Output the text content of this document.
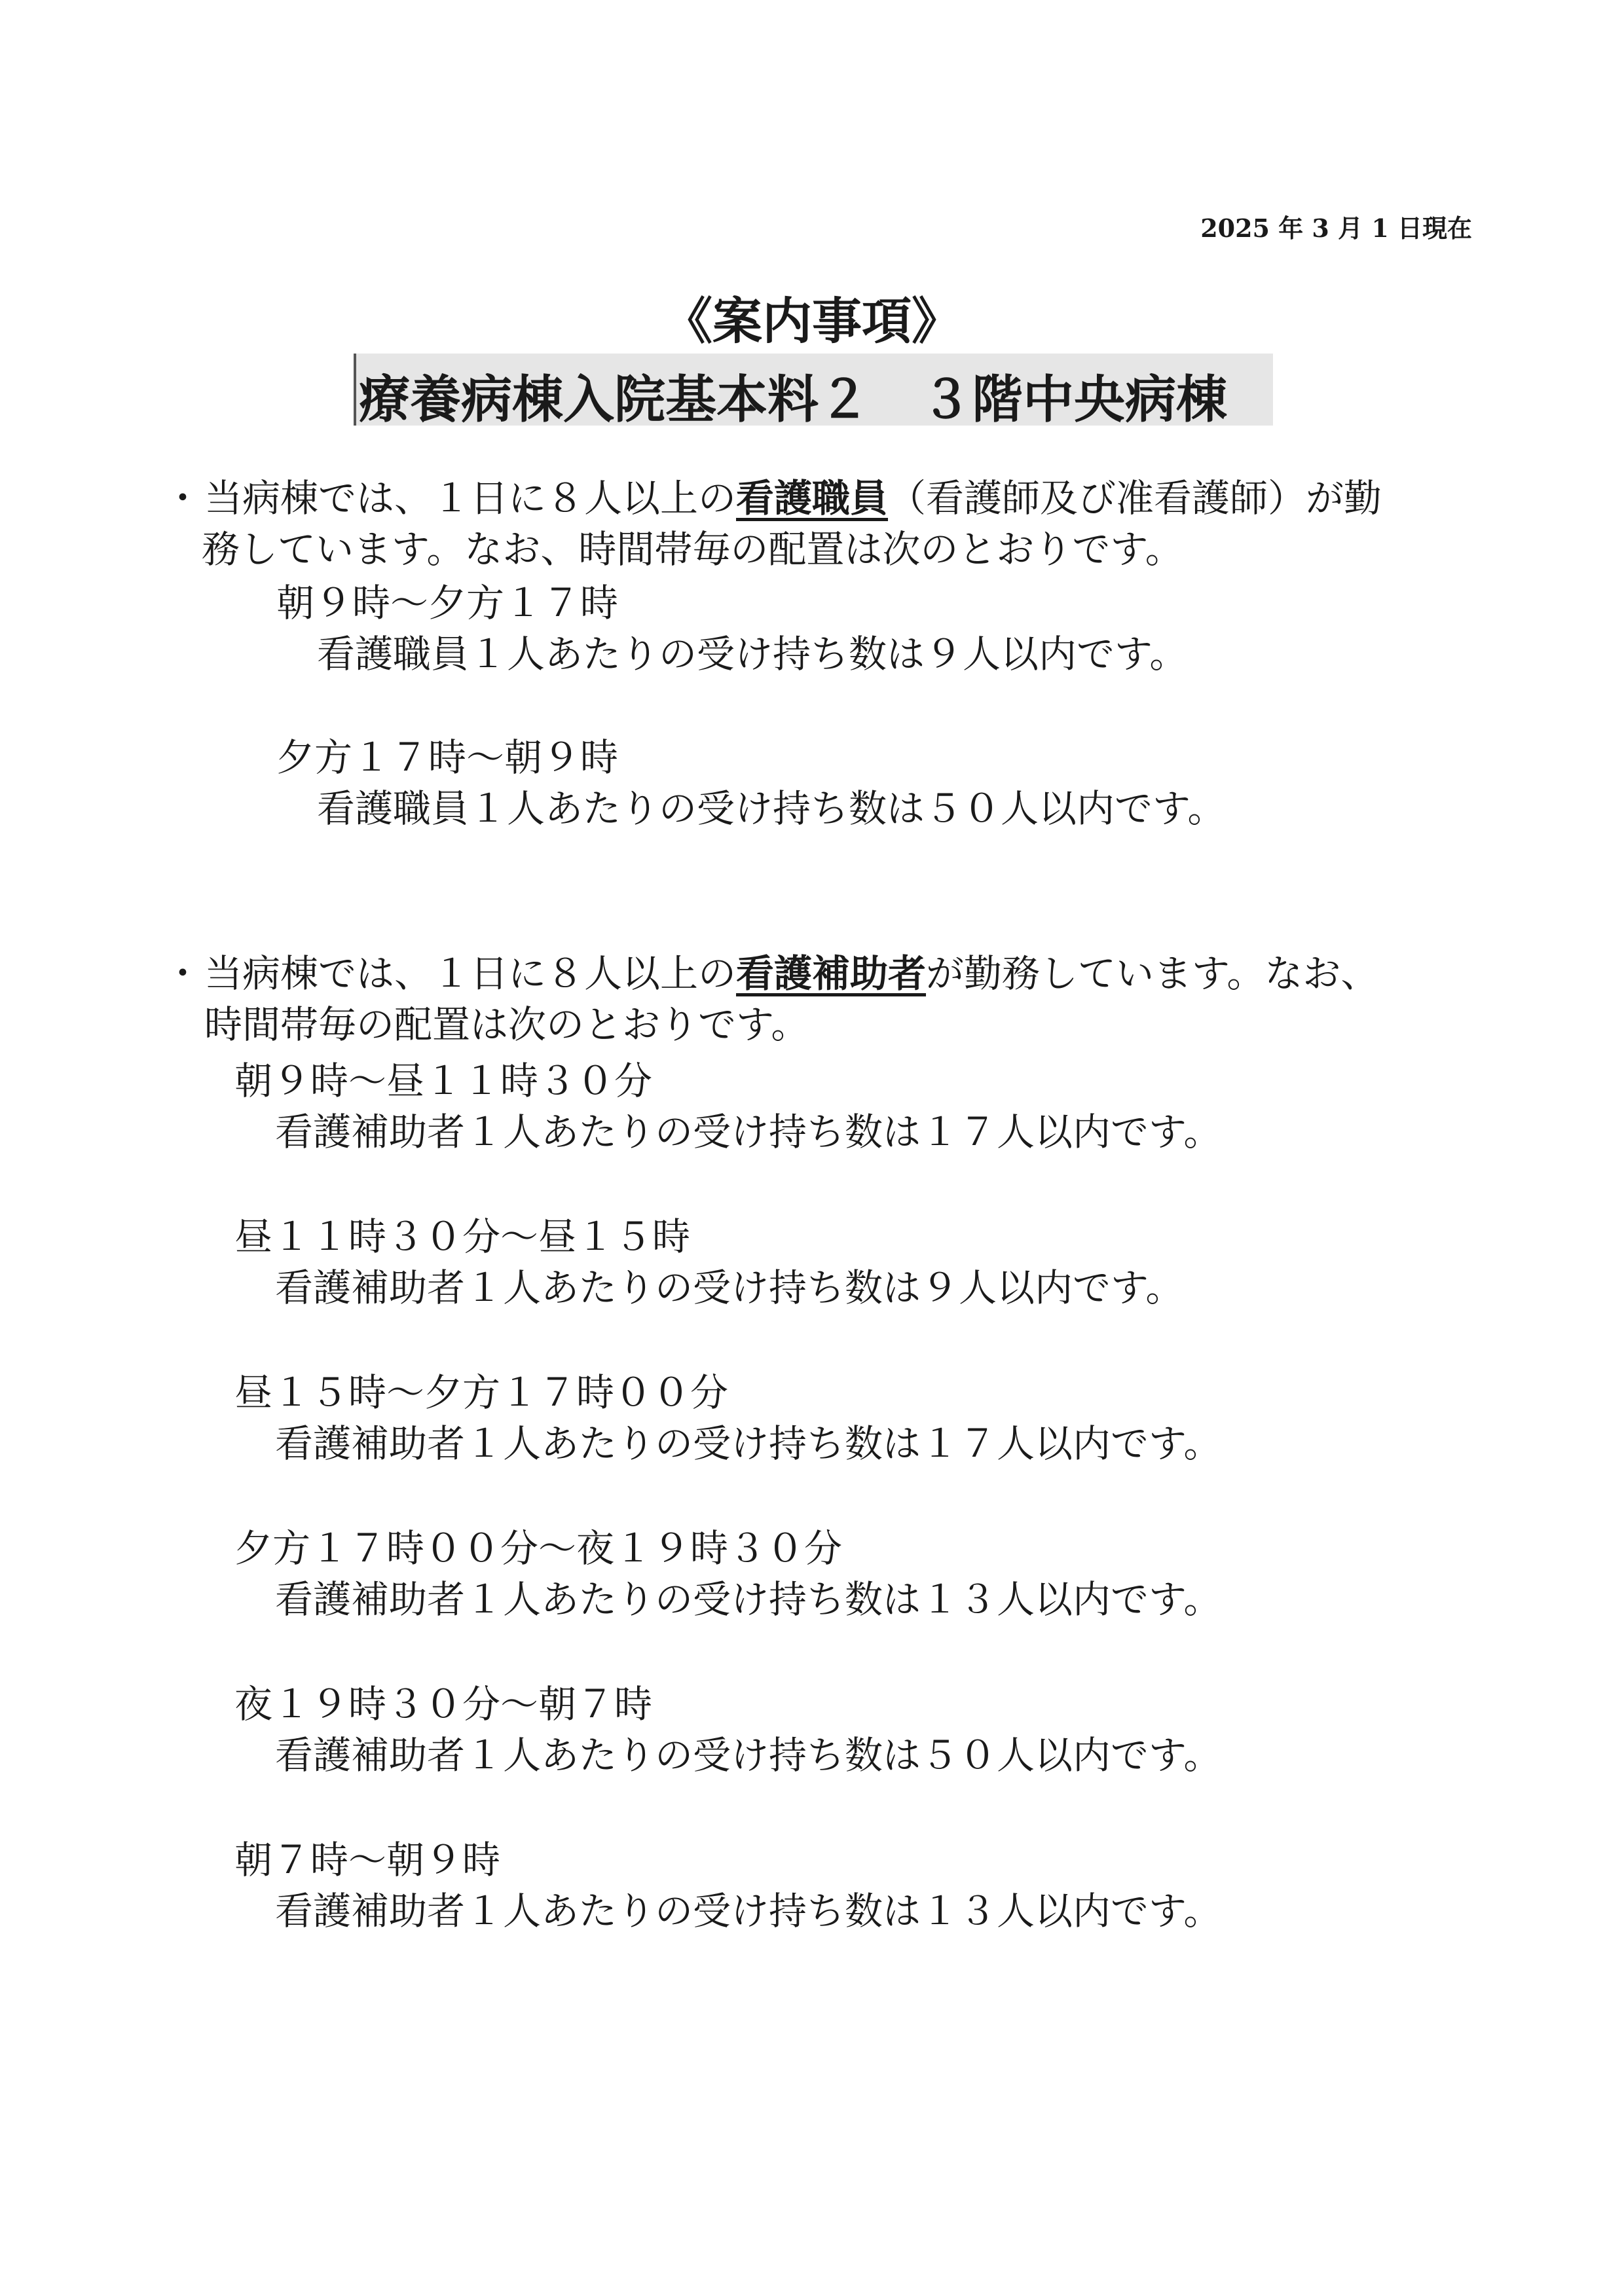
2025 年 3 月 1 日現在
《案内事項》
療養病棟入院基本料２　３階中央病棟
・ 当病棟では、１日に８人以上の看護職員（看護師及び准看護師）が勤
務しています。なお、時間帯毎の配置は次のとおりです。
朝９時～夕方１７時
看護職員１人あたりの受け持ち数は９人以内です。
夕方１７時～朝９時
看護職員１人あたりの受け持ち数は５０人以内です。
・ 当病棟では、１日に８人以上の看護補助者が勤務しています。なお、
時間帯毎の配置は次のとおりです。
朝９時～昼１１時３０分
看護補助者１人あたりの受け持ち数は１７人以内です。
昼１１時３０分～昼１５時
看護補助者１人あたりの受け持ち数は９人以内です。
昼１５時～夕方１７時００分
看護補助者１人あたりの受け持ち数は１７人以内です。
夕方１７時００分～夜１９時３０分
看護補助者１人あたりの受け持ち数は１３人以内です。
夜１９時３０分～朝７時
看護補助者１人あたりの受け持ち数は５０人以内です。
朝７時～朝９時
看護補助者１人あたりの受け持ち数は１３人以内です。
